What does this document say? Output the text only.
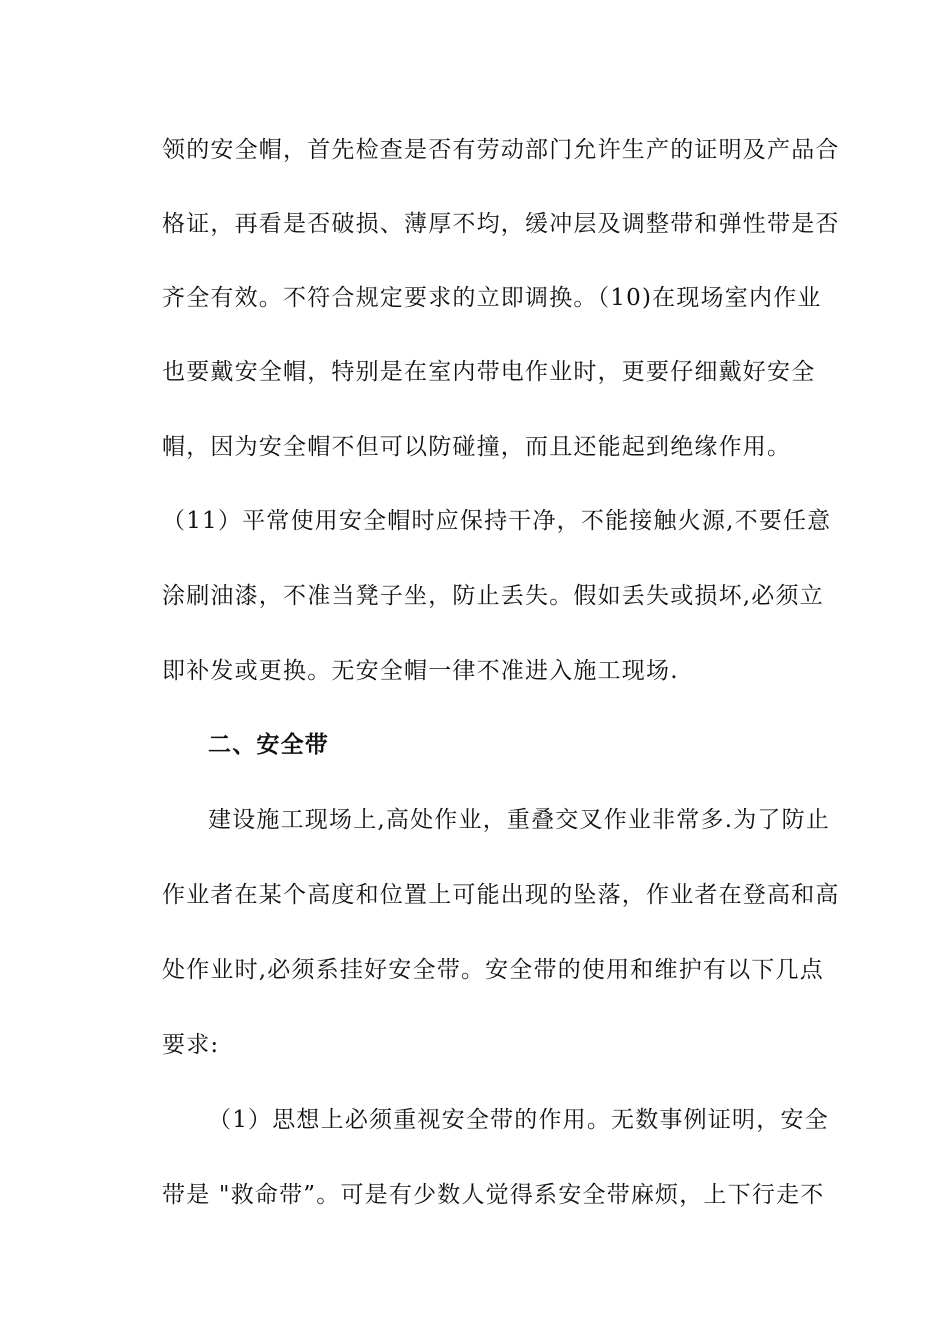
领的安全帽，首先检查是否有劳动部门允许生产的证明及产品合
格证，再看是否破损、薄厚不均，缓冲层及调整带和弹性带是否
齐全有效。不符合规定要求的立即调换。（10)在现场室内作业
也要戴安全帽，特别是在室内带电作业时，更要仔细戴好安全
帽，因为安全帽不但可以防碰撞，而且还能起到绝缘作用。
（11）平常使用安全帽时应保持干净，不能接触火源,不要任意
涂刷油漆，不准当凳子坐，防止丢失。假如丢失或损坏,必须立
即补发或更换。无安全帽一律不准进入施工现场.
二、安全带
建设施工现场上,高处作业，重叠交叉作业非常多.为了防止
作业者在某个高度和位置上可能出现的坠落，作业者在登高和高
处作业时,必须系挂好安全带。安全带的使用和维护有以下几点
要求:
（1）思想上必须重视安全带的作用。无数事例证明，安全
带是 "救命带”。可是有少数人觉得系安全带麻烦，上下行走不
